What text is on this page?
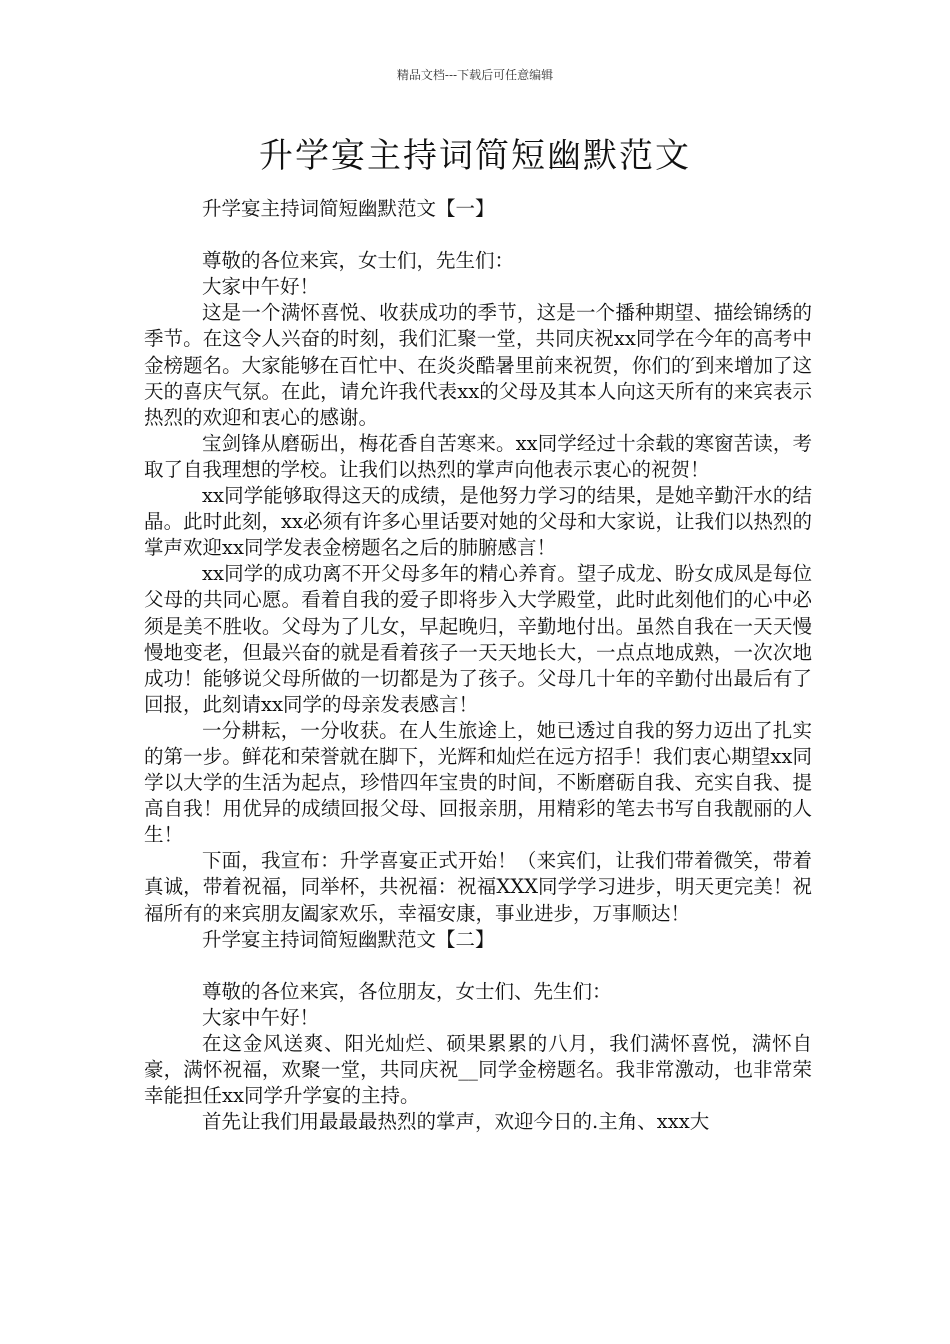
精品文档---下载后可任意编辑
升学宴主持词简短幽默范文

升学宴主持词简短幽默范文【一】

尊敬的各位来宾，女士们，先生们：

大家中午好！

这是一个满怀喜悦、收获成功的季节，这是一个播种期望、描绘锦绣的季节。在这令人兴奋的时刻，我们汇聚一堂，共同庆祝xx同学在今年的高考中金榜题名。大家能够在百忙中、在炎炎酷暑里前来祝贺，你们的′到来增加了这天的喜庆气氛。在此，请允许我代表xx的父母及其本人向这天所有的来宾表示热烈的欢迎和衷心的感谢。

宝剑锋从磨砺出，梅花香自苦寒来。xx同学经过十余载的寒窗苦读，考取了自我理想的学校。让我们以热烈的掌声向他表示衷心的祝贺！

xx同学能够取得这天的成绩，是他努力学习的结果，是她辛勤汗水的结晶。此时此刻，xx必须有许多心里话要对她的父母和大家说，让我们以热烈的掌声欢迎xx同学发表金榜题名之后的肺腑感言！

xx同学的成功离不开父母多年的精心养育。望子成龙、盼女成凤是每位父母的共同心愿。看着自我的爱子即将步入大学殿堂，此时此刻他们的心中必须是美不胜收。父母为了儿女，早起晚归，辛勤地付出。虽然自我在一天天慢慢地变老，但最兴奋的就是看着孩子一天天地长大，一点点地成熟，一次次地成功！能够说父母所做的一切都是为了孩子。父母几十年的辛勤付出最后有了回报，此刻请xx同学的母亲发表感言！

一分耕耘，一分收获。在人生旅途上，她已透过自我的努力迈出了扎实的第一步。鲜花和荣誉就在脚下，光辉和灿烂在远方招手！我们衷心期望xx同学以大学的生活为起点，珍惜四年宝贵的时间，不断磨砺自我、充实自我、提高自我！用优异的成绩回报父母、回报亲朋，用精彩的笔去书写自我靓丽的人生！

下面，我宣布：升学喜宴正式开始！（来宾们，让我们带着微笑，带着真诚，带着祝福，同举杯，共祝福：祝福XXX同学学习进步，明天更完美！祝福所有的来宾朋友阖家欢乐，幸福安康，事业进步，万事顺达！

升学宴主持词简短幽默范文【二】

尊敬的各位来宾，各位朋友，女士们、先生们：

大家中午好！

在这金风送爽、阳光灿烂、硕果累累的八月，我们满怀喜悦，满怀自豪，满怀祝福，欢聚一堂，共同庆祝__同学金榜题名。我非常激动，也非常荣幸能担任xx同学升学宴的主持。

首先让我们用最最最热烈的掌声，欢迎今日的.主角、xxx大
